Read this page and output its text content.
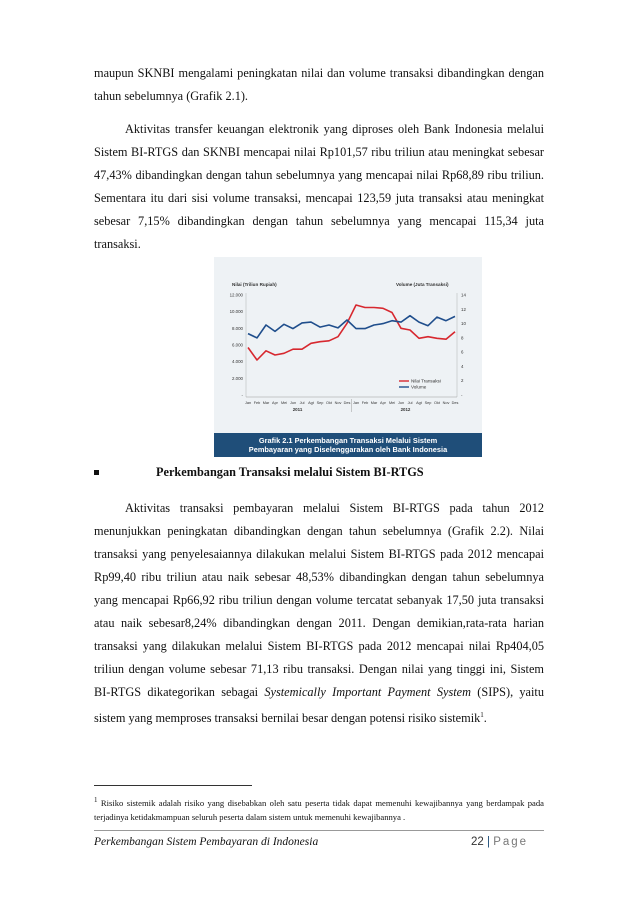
maupun SKNBI mengalami peningkatan nilai dan volume transaksi dibandingkan dengan tahun sebelumnya (Grafik 2.1).

Aktivitas transfer keuangan elektronik yang diproses oleh Bank Indonesia melalui Sistem BI-RTGS dan SKNBI mencapai nilai Rp101,57 ribu triliun atau meningkat sebesar 47,43% dibandingkan dengan tahun sebelumnya yang mencapai nilai Rp68,89 ribu triliun. Sementara itu dari sisi volume transaksi, mencapai 123,59 juta transaksi atau meningkat sebesar 7,15% dibandingkan dengan tahun sebelumnya yang mencapai 115,34 juta transaksi.

Nilai (Triliun Rupiah)	Volume (Juta Transaksi)
12.000
10.000
8.000
6.000
4.000
2.000
-
14
12
10
8
6
4
2
-
Jan Feb Mar Apr Mei Jun Jul Agt Sep Okt Nov Des Jan Feb Mar Apr Mei Jun Jul Agt Sep Okt Nov Des
2011	2012
Nilai Transaksi
Volume
Grafik 2.1 Perkembangan Transaksi Melalui Sistem
Pembayaran yang Diselenggarakan oleh Bank Indonesia
Perkembangan Transaksi melalui Sistem BI-RTGS

Aktivitas transaksi pembayaran melalui Sistem BI-RTGS pada tahun 2012 menunjukkan peningkatan dibandingkan dengan tahun sebelumnya (Grafik 2.2). Nilai transaksi yang penyelesaiannya dilakukan melalui Sistem BI-RTGS pada 2012 mencapai Rp99,40 ribu triliun atau naik sebesar 48,53% dibandingkan dengan tahun sebelumnya yang mencapai Rp66,92 ribu triliun dengan volume tercatat sebanyak 17,50 juta transaksi atau naik sebesar8,24% dibandingkan dengan 2011. Dengan demikian,rata-rata harian transaksi yang dilakukan melalui Sistem BI-RTGS pada 2012 mencapai nilai Rp404,05 triliun dengan volume sebesar 71,13 ribu transaksi. Dengan nilai yang tinggi ini, Sistem BI-RTGS dikategorikan sebagai Systemically Important Payment System (SIPS), yaitu sistem yang memproses transaksi bernilai besar dengan potensi risiko sistemik$^1$.

$^1$ Risiko sistemik adalah risiko yang disebabkan oleh satu peserta tidak dapat memenuhi kewajibannya yang berdampak pada terjadinya ketidakmampuan seluruh peserta dalam sistem untuk memenuhi kewajibannya .
Perkembangan Sistem Pembayaran di Indonesia	22 | Page
